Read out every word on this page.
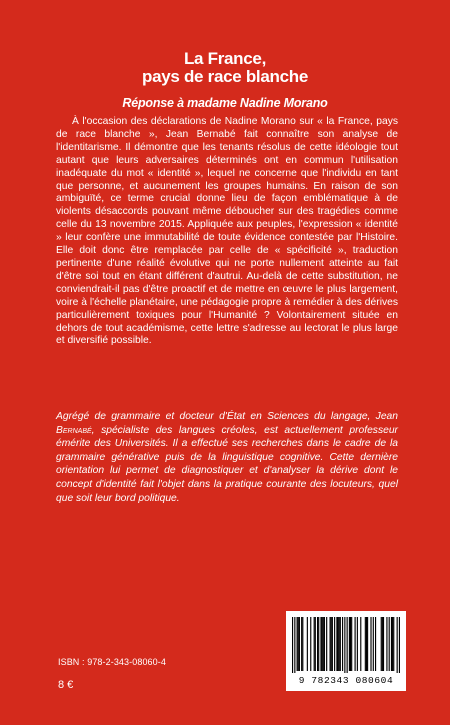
La France,
pays de race blanche
Réponse à madame Nadine Morano

À l'occasion des déclarations de Nadine Morano sur « la France, pays de race blanche », Jean Bernabé fait connaître son analyse de l'identitarisme. Il démontre que les tenants résolus de cette idéologie tout autant que leurs adversaires déterminés ont en commun l'utilisation inadéquate du mot « identité », lequel ne concerne que l'individu en tant que personne, et aucunement les groupes humains. En raison de son ambiguïté, ce terme crucial donne lieu de façon emblématique à de violents désaccords pouvant même déboucher sur des tragédies comme celle du 13 novembre 2015. Appliquée aux peuples, l'expression « identité » leur confère une immutabilité de toute évidence contestée par l'Histoire. Elle doit donc être remplacée par celle de « spécificité », traduction pertinente d'une réalité évolutive qui ne porte nullement atteinte au fait d'être soi tout en étant différent d'autrui. Au-delà de cette substitution, ne conviendrait-il pas d'être proactif et de mettre en œuvre le plus largement, voire à l'échelle planétaire, une pédagogie propre à remédier à des dérives particulièrement toxiques pour l'Humanité ? Volontairement située en dehors de tout académisme, cette lettre s'adresse au lectorat le plus large et diversifié possible.

Agrégé de grammaire et docteur d'État en Sciences du langage, Jean Bernabé, spécialiste des langues créoles, est actuellement professeur émérite des Universités. Il a effectué ses recherches dans le cadre de la grammaire générative puis de la linguistique cognitive. Cette dernière orientation lui permet de diagnostiquer et d'analyser la dérive dont le concept d'identité fait l'objet dans la pratique courante des locuteurs, quel que soit leur bord politique.

ISBN : 978-2-343-08060-4
8 €	9 782343 080604
